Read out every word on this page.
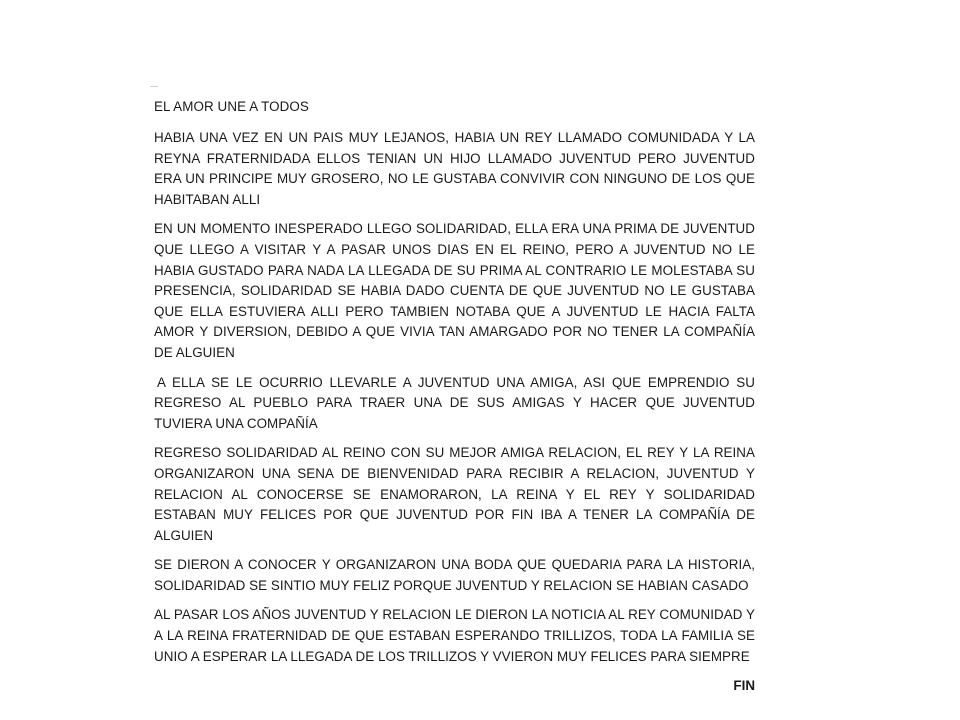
EL AMOR UNE A TODOS

HABIA UNA VEZ EN UN PAIS MUY LEJANOS, HABIA UN REY LLAMADO COMUNIDADA Y LA REYNA FRATERNIDADA ELLOS TENIAN UN HIJO LLAMADO JUVENTUD PERO JUVENTUD ERA UN PRINCIPE MUY GROSERO, NO LE GUSTABA CONVIVIR CON NINGUNO DE LOS QUE HABITABAN ALLI

EN UN MOMENTO INESPERADO LLEGO SOLIDARIDAD, ELLA ERA UNA PRIMA DE JUVENTUD QUE LLEGO A VISITAR Y A PASAR UNOS DIAS EN EL REINO, PERO A JUVENTUD NO LE HABIA GUSTADO PARA NADA LA LLEGADA DE SU PRIMA AL CONTRARIO LE MOLESTABA SU PRESENCIA, SOLIDARIDAD SE HABIA DADO CUENTA DE QUE JUVENTUD NO LE GUSTABA QUE ELLA ESTUVIERA ALLI PERO TAMBIEN NOTABA QUE A JUVENTUD LE HACIA FALTA AMOR Y DIVERSION, DEBIDO A QUE VIVIA TAN AMARGADO POR NO TENER LA COMPAÑÍA DE ALGUIEN

A ELLA SE LE OCURRIO LLEVARLE A JUVENTUD UNA AMIGA, ASI QUE EMPRENDIO SU REGRESO AL PUEBLO PARA TRAER UNA DE SUS AMIGAS Y HACER QUE JUVENTUD TUVIERA UNA COMPAÑÍA

REGRESO SOLIDARIDAD AL REINO CON SU MEJOR AMIGA RELACION, EL REY Y LA REINA ORGANIZARON UNA SENA DE BIENVENIDAD PARA RECIBIR A RELACION, JUVENTUD Y RELACION AL CONOCERSE SE ENAMORARON, LA REINA Y EL REY Y SOLIDARIDAD ESTABAN MUY FELICES POR QUE JUVENTUD POR FIN IBA A TENER LA COMPAÑÍA DE ALGUIEN

SE DIERON A CONOCER Y ORGANIZARON UNA BODA QUE QUEDARIA PARA LA HISTORIA, SOLIDARIDAD SE SINTIO MUY FELIZ PORQUE JUVENTUD Y RELACION SE HABIAN CASADO

AL PASAR LOS AÑOS JUVENTUD Y RELACION LE DIERON LA NOTICIA AL REY COMUNIDAD Y A LA REINA FRATERNIDAD DE QUE ESTABAN ESPERANDO TRILLIZOS, TODA LA FAMILIA SE UNIO A ESPERAR LA LLEGADA DE LOS TRILLIZOS Y VVIERON MUY FELICES PARA SIEMPRE

FIN
